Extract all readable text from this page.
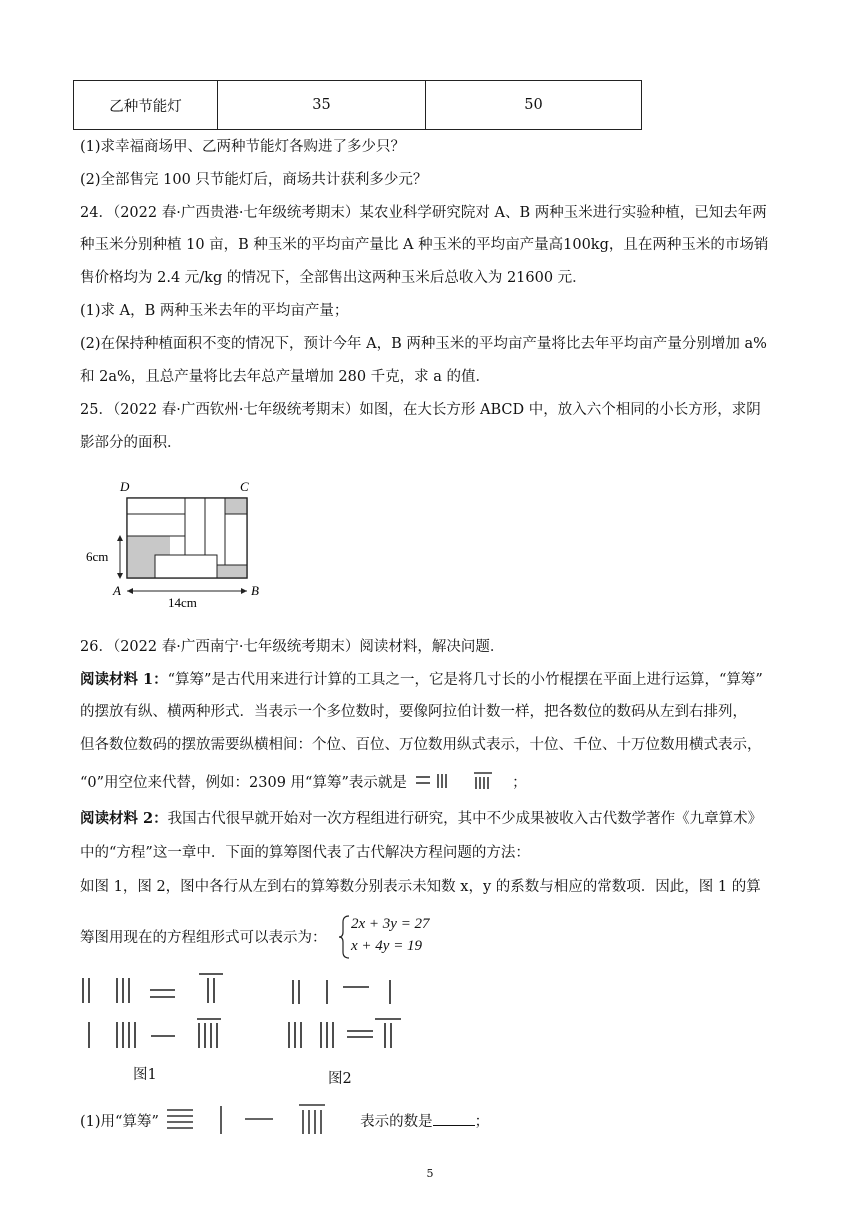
乙种节能灯	35	50
(1)求幸福商场甲、乙两种节能灯各购进了多少只？
(2)全部售完 100 只节能灯后，商场共计获利多少元？
24．（2022 春·广西贵港·七年级统考期末）某农业科学研究院对 A、B 两种玉米进行实验种植，已知去年两
种玉米分别种植 10 亩，B 种玉米的平均亩产量比 A 种玉米的平均亩产量高100kg，且在两种玉米的市场销
售价格均为 2.4 元/kg 的情况下，全部售出这两种玉米后总收入为 21600 元．
(1)求 A，B 两种玉米去年的平均亩产量；
(2)在保持种植面积不变的情况下，预计今年 A，B 两种玉米的平均亩产量将比去年平均亩产量分别增加 a%
和 2a%，且总产量将比去年总产量增加 280 千克，求 a 的值．
25．（2022 春·广西钦州·七年级统考期末）如图，在大长方形 ABCD 中，放入六个相同的小长方形，求阴
影部分的面积．
D	C
A	B
6cm
14cm
26．（2022 春·广西南宁·七年级统考期末）阅读材料，解决问题．
阅读材料 1：“算筹”是古代用来进行计算的工具之一，它是将几寸长的小竹棍摆在平面上进行运算，“算筹”
的摆放有纵、横两种形式．当表示一个多位数时，要像阿拉伯计数一样，把各数位的数码从左到右排列，
但各数位数码的摆放需要纵横相间：个位、百位、万位数用纵式表示，十位、千位、十万位数用横式表示，
“0”用空位来代替，例如：2309 用“算筹”表示就是	；
阅读材料 2：我国古代很早就开始对一次方程组进行研究，其中不少成果被收入古代数学著作《九章算术》
中的“方程”这一章中．下面的算筹图代表了古代解决方程问题的方法：
如图 1，图 2，图中各行从左到右的算筹数分别表示未知数 x，y 的系数与相应的常数项．因此，图 1 的算
筹图用现在的方程组形式可以表示为：
2x + 3y = 27
x + 4y = 19
图1	图2
(1)用“算筹”	表示的数是	；
5
